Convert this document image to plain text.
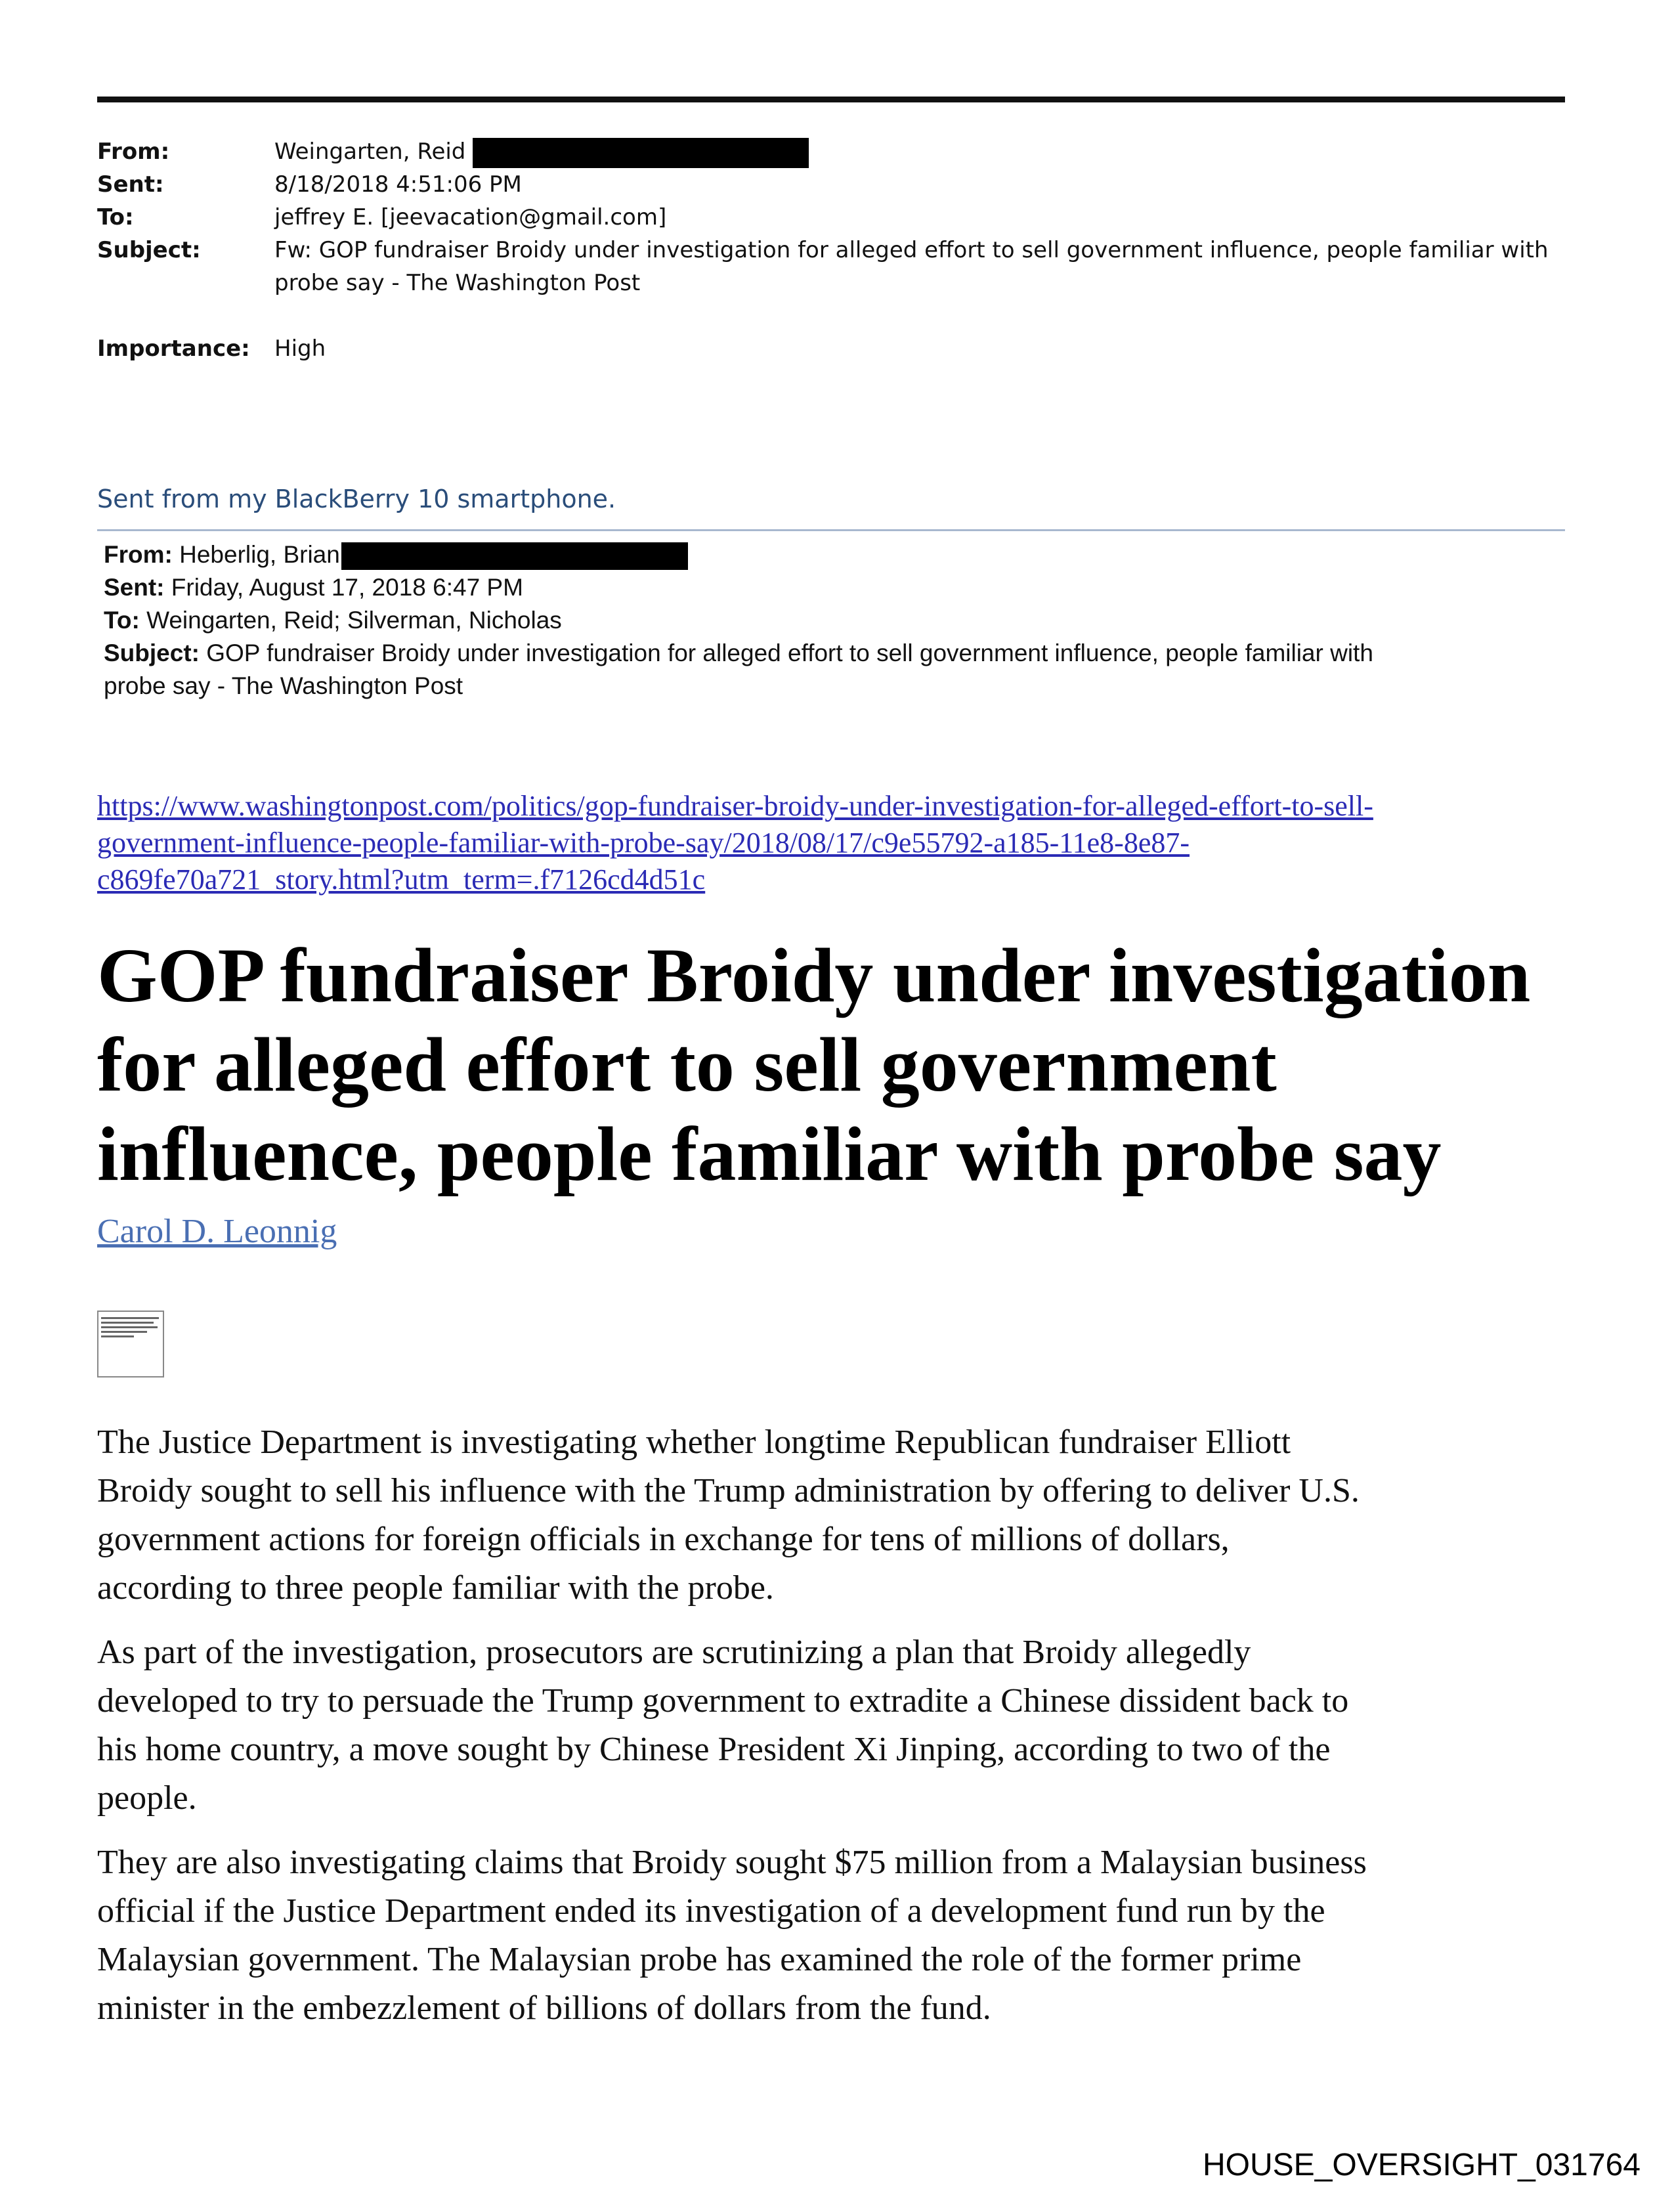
From:	Weingarten, Reid
Sent:	8/18/2018 4:51:06 PM
To:	jeffrey E. [jeevacation@gmail.com]
Subject:	Fw: GOP fundraiser Broidy under investigation for alleged effort to sell government influence, people familiar with
probe say - The Washington Post
Importance: High
Sent from my BlackBerry 10 smartphone.
From: Heberlig, Brian
Sent: Friday, August 17, 2018 6:47 PM
To: Weingarten, Reid; Silverman, Nicholas
Subject: GOP fundraiser Broidy under investigation for alleged effort to sell government influence, people familiar with
probe say - The Washington Post
https://www.washingtonpost.com/politics/gop-fundraiser-broidy-under-investigation-for-alleged-effort-to-sell-
government-influence-people-familiar-with-probe-say/2018/08/17/c9e55792-a185-11e8-8e87-
c869fe70a721_story.html?utm_term=.f7126cd4d51c
GOP fundraiser Broidy under investigation
for alleged effort to sell government
influence, people familiar with probe say
Carol D. Leonnig
The Justice Department is investigating whether longtime Republican fundraiser Elliott
Broidy sought to sell his influence with the Trump administration by offering to deliver U.S.
government actions for foreign officials in exchange for tens of millions of dollars,
according to three people familiar with the probe.
As part of the investigation, prosecutors are scrutinizing a plan that Broidy allegedly
developed to try to persuade the Trump government to extradite a Chinese dissident back to
his home country, a move sought by Chinese President Xi Jinping, according to two of the
people.
They are also investigating claims that Broidy sought $75 million from a Malaysian business
official if the Justice Department ended its investigation of a development fund run by the
Malaysian government. The Malaysian probe has examined the role of the former prime
minister in the embezzlement of billions of dollars from the fund.
HOUSE_OVERSIGHT_031764
